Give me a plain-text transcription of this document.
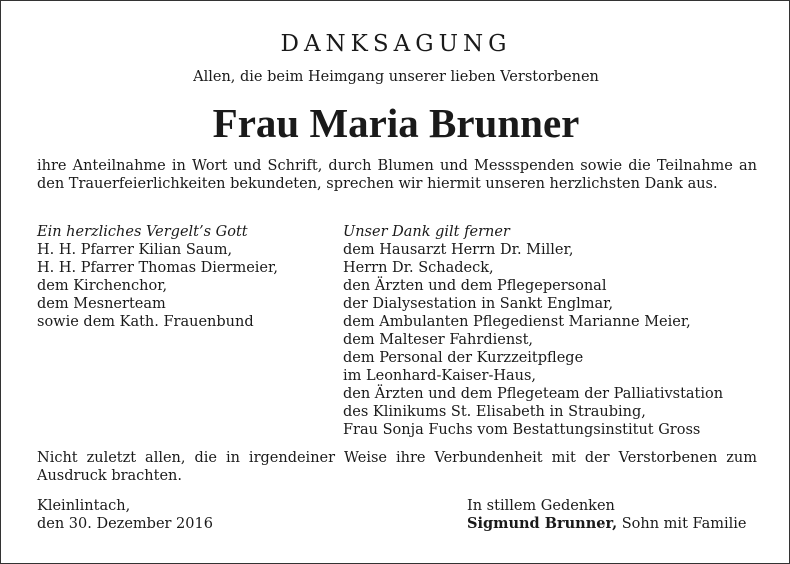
DANKSAGUNG
Allen, die beim Heimgang unserer lieben Verstorbenen
Frau Maria Brunner

ihre Anteilnahme in Wort und Schrift, durch Blumen und Messspenden sowie die Teilnahme an den Trauerfeierlichkeiten bekundeten, sprechen wir hiermit unseren herzlichsten Dank aus.

Ein herzliches Vergelt’s Gott
H. H. Pfarrer Kilian Saum,
H. H. Pfarrer Thomas Diermeier,
dem Kirchenchor,
dem Mesnerteam
sowie dem Kath. Frauenbund
Unser Dank gilt ferner
dem Hausarzt Herrn Dr. Miller,
Herrn Dr. Schadeck,
den Ärzten und dem Pflegepersonal
der Dialysestation in Sankt Englmar,
dem Ambulanten Pflegedienst Marianne Meier,
dem Malteser Fahrdienst,
dem Personal der Kurzzeitpflege
im Leonhard-Kaiser-Haus,
den Ärzten und dem Pflegeteam der Palliativstation
des Klinikums St. Elisabeth in Straubing,
Frau Sonja Fuchs vom Bestattungsinstitut Gross

Nicht zuletzt allen, die in irgendeiner Weise ihre Verbundenheit mit der Verstorbenen zum Ausdruck brachten.

Kleinlintach,
den 30. Dezember 2016
In stillem Gedenken
Sigmund Brunner, Sohn mit Familie
